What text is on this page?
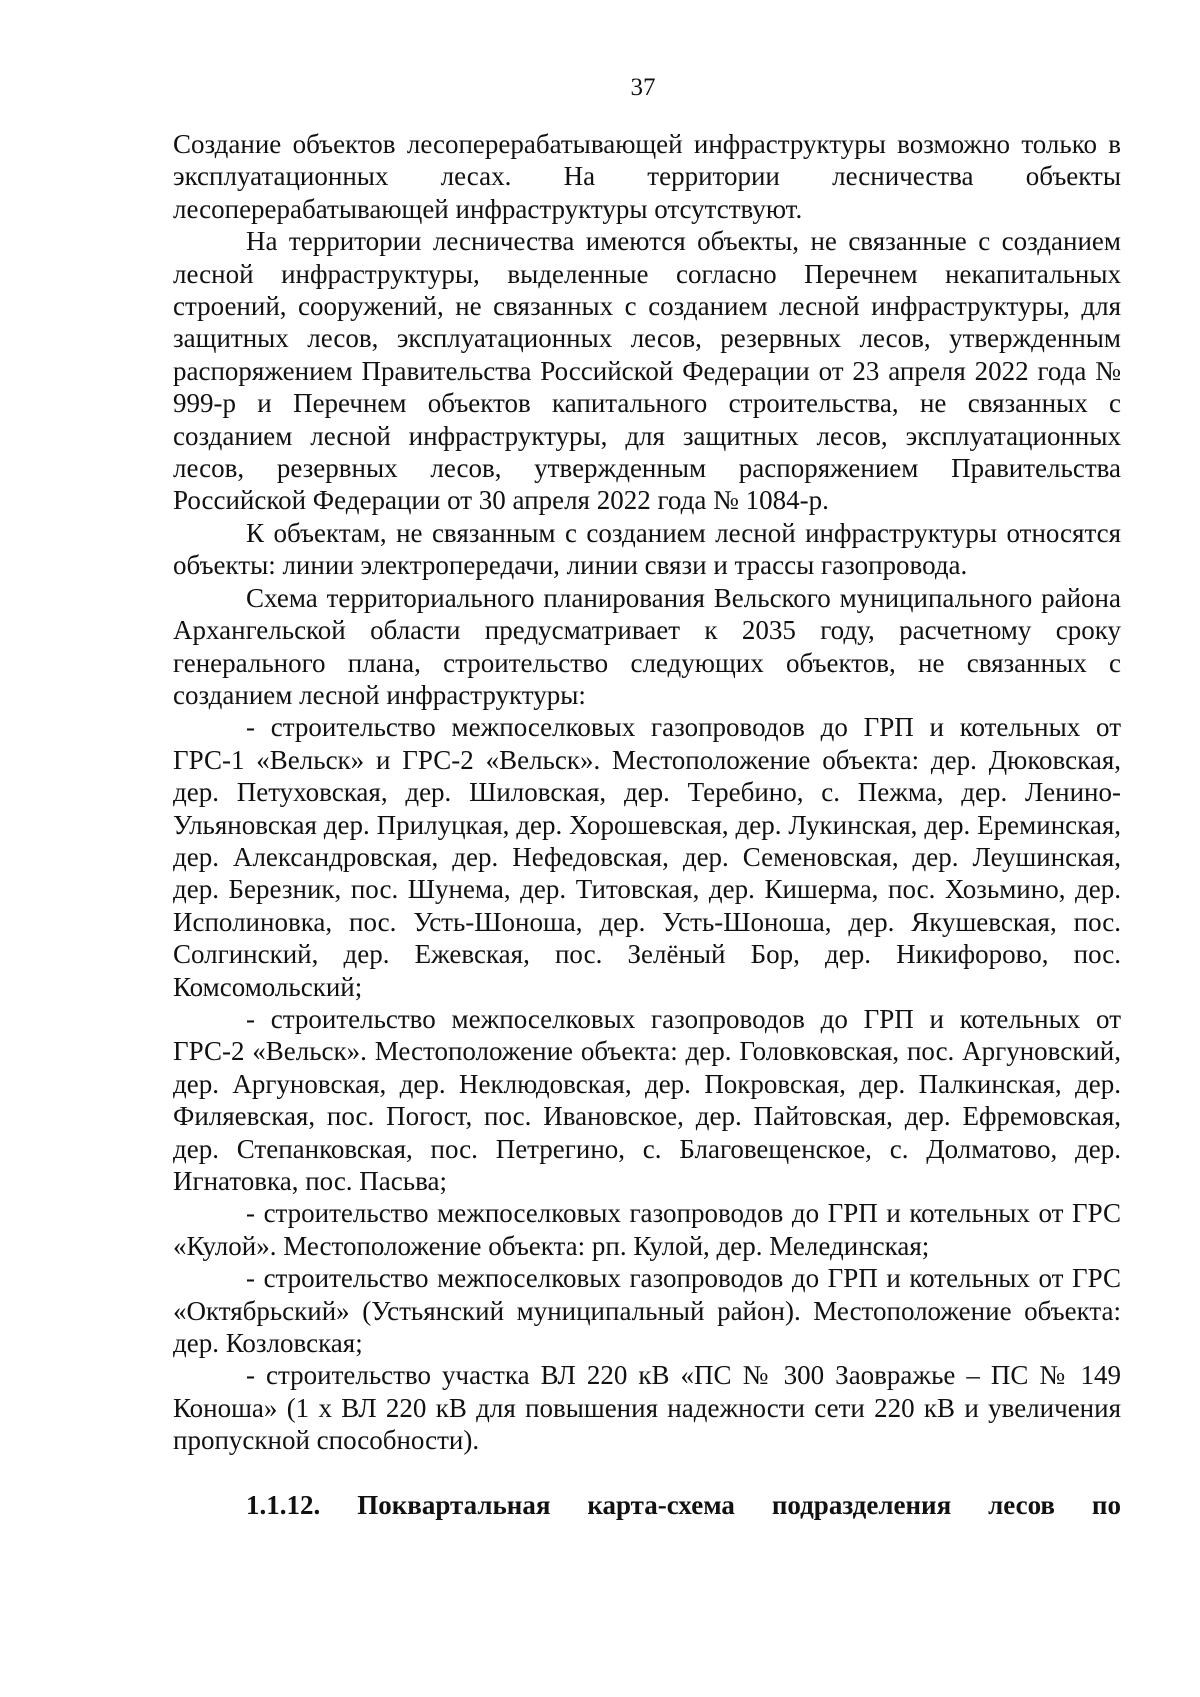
37

Создание объектов лесоперерабатывающей инфраструктуры возможно только в эксплуатационных лесах. На территории лесничества объекты лесоперерабатывающей инфраструктуры отсутствуют.

На территории лесничества имеются объекты, не связанные с созданием лесной инфраструктуры, выделенные согласно Перечнем некапитальных строений, сооружений, не связанных с созданием лесной инфраструктуры, для защитных лесов, эксплуатационных лесов, резервных лесов, утвержденным распоряжением Правительства Российской Федерации от 23 апреля 2022 года № 999-р и Перечнем объектов капитального строительства, не связанных с созданием лесной инфраструктуры, для защитных лесов, эксплуатационных лесов, резервных лесов, утвержденным распоряжением Правительства Российской Федерации от 30 апреля 2022 года № 1084-р.

К объектам, не связанным с созданием лесной инфраструктуры относятся объекты: линии электропередачи, линии связи и трассы газопровода.

Схема территориального планирования Вельского муниципального района Архангельской области предусматривает к 2035 году, расчетному сроку генерального плана, строительство следующих объектов, не связанных с созданием лесной инфраструктуры:

- строительство межпоселковых газопроводов до ГРП и котельных от ГРС-1 «Вельск» и ГРС-2 «Вельск». Местоположение объекта: дер. Дюковская, дер. Петуховская, дер. Шиловская, дер. Теребино, с. Пежма, дер. Ленино-Ульяновская дер. Прилуцкая, дер. Хорошевская, дер. Лукинская, дер. Ереминская, дер. Александровская, дер. Нефедовская, дер. Семеновская, дер. Леушинская, дер. Березник, пос. Шунема, дер. Титовская, дер. Кишерма, пос. Хозьмино, дер. Исполиновка, пос. Усть-Шоноша, дер. Усть-Шоноша, дер. Якушевская, пос. Солгинский, дер. Ежевская, пос. Зелёный Бор, дер. Никифорово, пос. Комсомольский;

- строительство межпоселковых газопроводов до ГРП и котельных от ГРС-2 «Вельск». Местоположение объекта: дер. Головковская, пос. Аргуновский, дер. Аргуновская, дер. Неклюдовская, дер. Покровская, дер. Палкинская, дер. Филяевская, пос. Погост, пос. Ивановское, дер. Пайтовская, дер. Ефремовская, дер. Степанковская, пос. Петрегино, с. Благовещенское, с. Долматово, дер. Игнатовка, пос. Пасьва;

- строительство межпоселковых газопроводов до ГРП и котельных от ГРС «Кулой». Местоположение объекта: рп. Кулой, дер. Мелединская;

- строительство межпоселковых газопроводов до ГРП и котельных от ГРС «Октябрьский» (Устьянский муниципальный район). Местоположение объекта: дер. Козловская;

- строительство участка ВЛ 220 кВ «ПС № 300 Заовражье – ПС № 149 Коноша» (1 х ВЛ 220 кВ для повышения надежности сети 220 кВ и увеличения пропускной способности).

1.1.12. Поквартальная карта-схема подразделения лесов по
